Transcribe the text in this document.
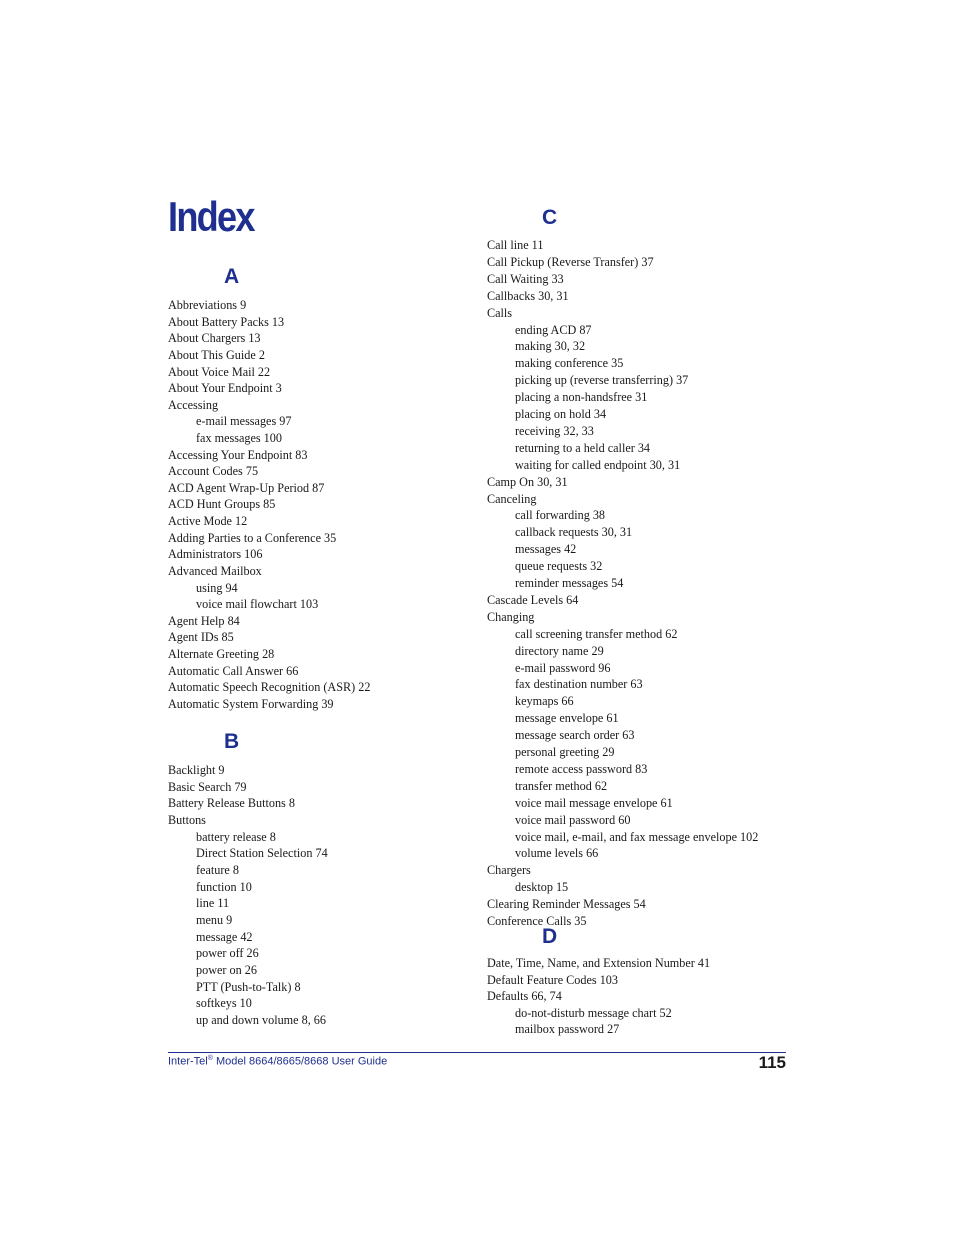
Index
A
Abbreviations 9
About Battery Packs 13
About Chargers 13
About This Guide 2
About Voice Mail 22
About Your Endpoint 3
Accessing
e-mail messages 97
fax messages 100
Accessing Your Endpoint 83
Account Codes 75
ACD Agent Wrap-Up Period 87
ACD Hunt Groups 85
Active Mode 12
Adding Parties to a Conference 35
Administrators 106
Advanced Mailbox
using 94
voice mail flowchart 103
Agent Help 84
Agent IDs 85
Alternate Greeting 28
Automatic Call Answer 66
Automatic Speech Recognition (ASR) 22
Automatic System Forwarding 39
B
Backlight 9
Basic Search 79
Battery Release Buttons 8
Buttons
battery release 8
Direct Station Selection 74
feature 8
function 10
line 11
menu 9
message 42
power off 26
power on 26
PTT (Push-to-Talk) 8
softkeys 10
up and down volume 8, 66
C
Call line 11
Call Pickup (Reverse Transfer) 37
Call Waiting 33
Callbacks 30, 31
Calls
ending ACD 87
making 30, 32
making conference 35
picking up (reverse transferring) 37
placing a non-handsfree 31
placing on hold 34
receiving 32, 33
returning to a held caller 34
waiting for called endpoint 30, 31
Camp On 30, 31
Canceling
call forwarding 38
callback requests 30, 31
messages 42
queue requests 32
reminder messages 54
Cascade Levels 64
Changing
call screening transfer method 62
directory name 29
e-mail password 96
fax destination number 63
keymaps 66
message envelope 61
message search order 63
personal greeting 29
remote access password 83
transfer method 62
voice mail message envelope 61
voice mail password 60
voice mail, e-mail, and fax message envelope 102
volume levels 66
Chargers
desktop 15
Clearing Reminder Messages 54
Conference Calls 35
D
Date, Time, Name, and Extension Number 41
Default Feature Codes 103
Defaults 66, 74
do-not-disturb message chart 52
mailbox password 27
Inter-Tel® Model 8664/8665/8668 User Guide	115
